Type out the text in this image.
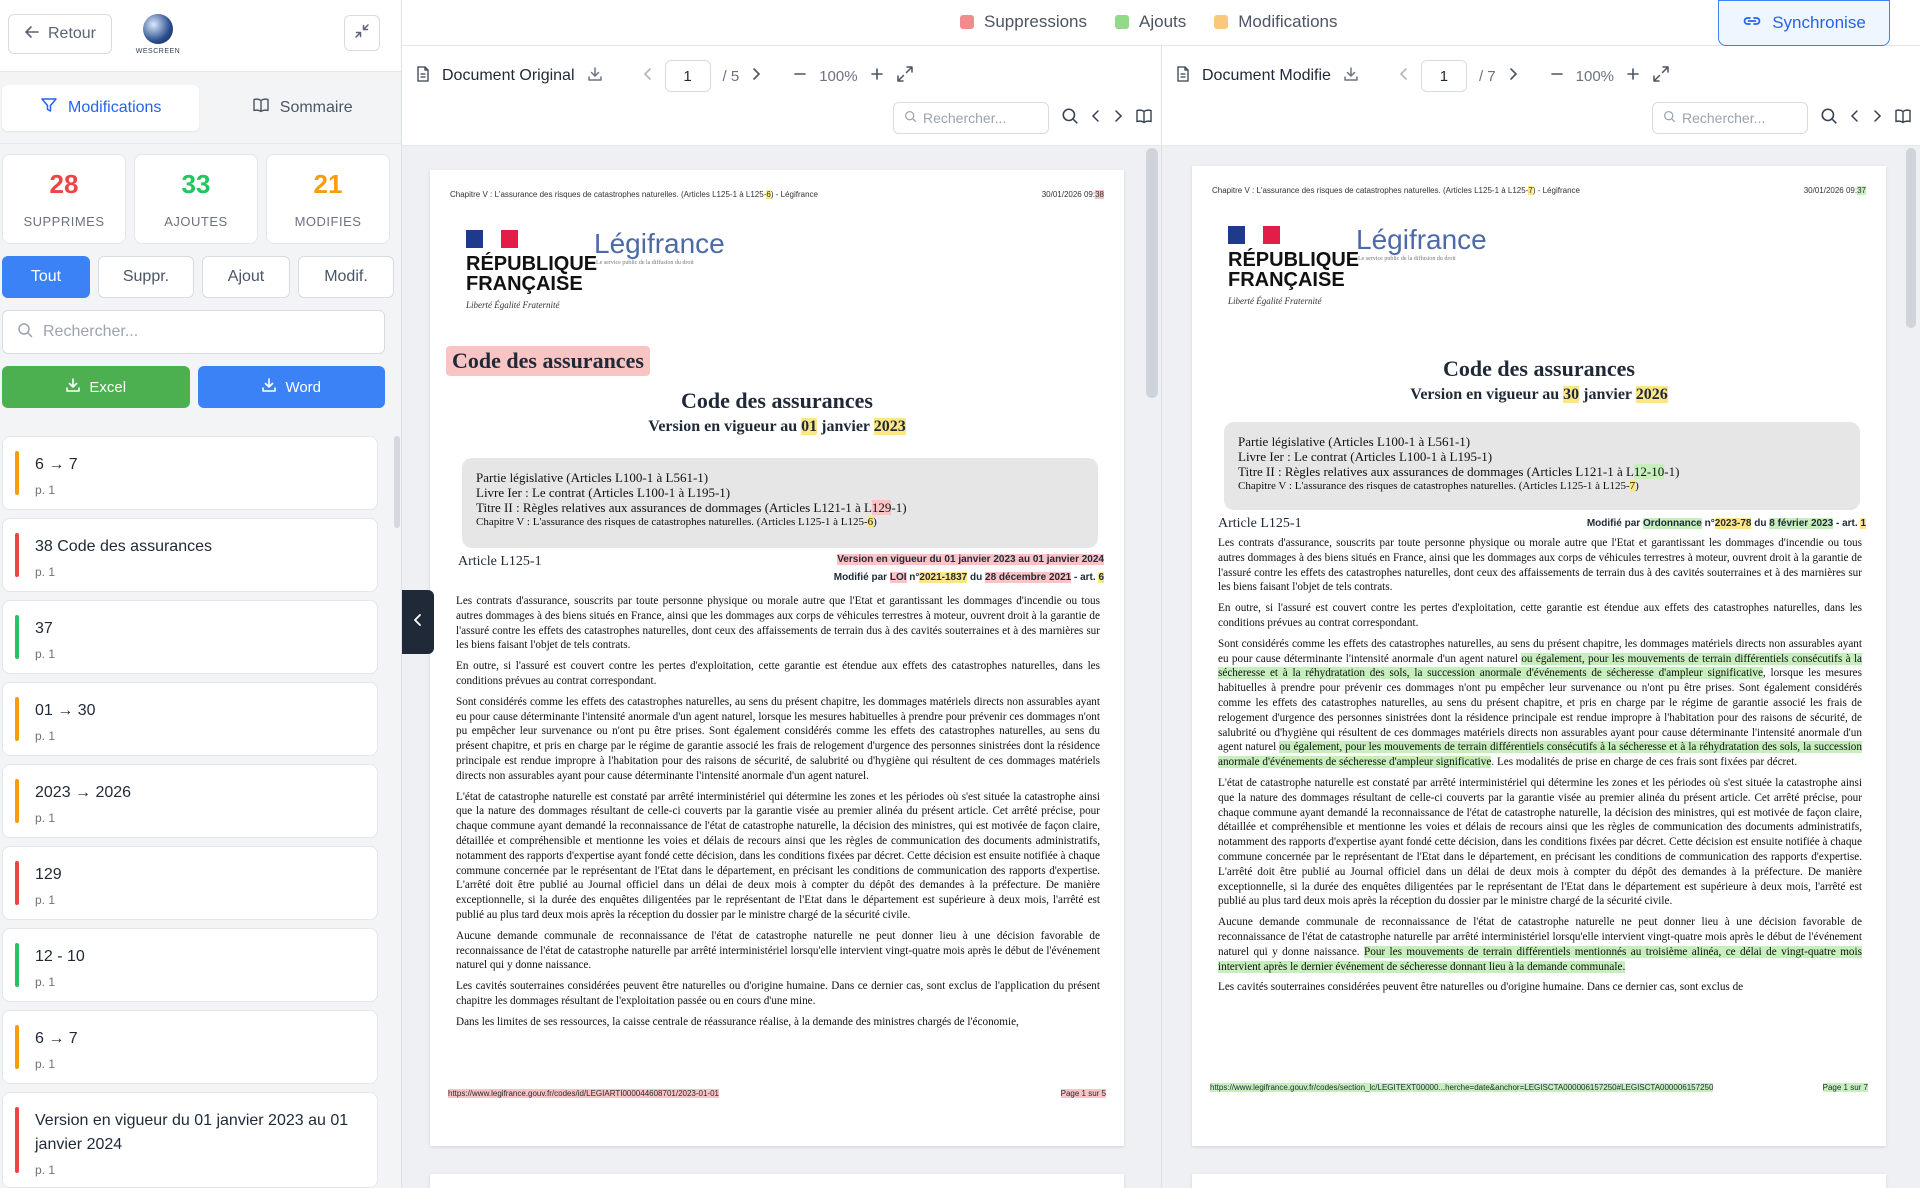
Retour
WESCREEN
Modifications	Sommaire
28
SUPPRIMES
33
AJOUTES
21
MODIFIES
Tout	Suppr.	Ajout	Modif.
Rechercher...
Excel	Word
6 → 7
p. 1
38 Code des assurances
p. 1
37
p. 1
01 → 30
p. 1
2023 → 2026
p. 1
129
p. 1
12 - 10
p. 1
6 → 7
p. 1
Version en vigueur du 01 janvier 2023 au 01 janvier 2024
p. 1
Suppressions	Ajouts	Modifications	Synchronise
Document Original	1	/ 5	100%
Rechercher...
Chapitre V : L'assurance des risques de catastrophes naturelles. (Articles L125-1 à L125-6) - Légifrance	30/01/2026 09:38
RÉPUBLIQUE FRANÇAISE
Liberté Égalité Fraternité
Légifrance
Le service public de la diffusion du droit
Code des assurances
Code des assurances
Version en vigueur au 01 janvier 2023
Partie législative (Articles L100-1 à L561-1)
Livre Ier : Le contrat (Articles L100-1 à L195-1)
Titre II : Règles relatives aux assurances de dommages (Articles L121-1 à L129-1)
Chapitre V : L'assurance des risques de catastrophes naturelles. (Articles L125-1 à L125-6)
Article L125-1	Version en vigueur du 01 janvier 2023 au 01 janvier 2024
Modifié par LOI n°2021-1837 du 28 décembre 2021 - art. 6

Les contrats d'assurance, souscrits par toute personne physique ou morale autre que l'Etat et garantissant les dommages d'incendie ou tous autres dommages à des biens situés en France, ainsi que les dommages aux corps de véhicules terrestres à moteur, ouvrent droit à la garantie de l'assuré contre les effets des catastrophes naturelles, dont ceux des affaissements de terrain dus à des cavités souterraines et à des marnières sur les biens faisant l'objet de tels contrats.

En outre, si l'assuré est couvert contre les pertes d'exploitation, cette garantie est étendue aux effets des catastrophes naturelles, dans les conditions prévues au contrat correspondant.

Sont considérés comme les effets des catastrophes naturelles, au sens du présent chapitre, les dommages matériels directs non assurables ayant eu pour cause déterminante l'intensité anormale d'un agent naturel, lorsque les mesures habituelles à prendre pour prévenir ces dommages n'ont pu empêcher leur survenance ou n'ont pu être prises. Sont également considérés comme les effets des catastrophes naturelles, au sens du présent chapitre, et pris en charge par le régime de garantie associé les frais de relogement d'urgence des personnes sinistrées dont la résidence principale est rendue impropre à l'habitation pour des raisons de sécurité, de salubrité ou d'hygiène qui résultent de ces dommages matériels directs non assurables ayant pour cause déterminante l'intensité anormale d'un agent naturel.

L'état de catastrophe naturelle est constaté par arrêté interministériel qui détermine les zones et les périodes où s'est située la catastrophe ainsi que la nature des dommages résultant de celle-ci couverts par la garantie visée au premier alinéa du présent article. Cet arrêté précise, pour chaque commune ayant demandé la reconnaissance de l'état de catastrophe naturelle, la décision des ministres, qui est motivée de façon claire, détaillée et compréhensible et mentionne les voies et délais de recours ainsi que les règles de communication des documents administratifs, notamment des rapports d'expertise ayant fondé cette décision, dans les conditions fixées par décret. Cette décision est ensuite notifiée à chaque commune concernée par le représentant de l'Etat dans le département, en précisant les conditions de communication des rapports d'expertise. L'arrêté doit être publié au Journal officiel dans un délai de deux mois à compter du dépôt des demandes à la préfecture. De manière exceptionnelle, si la durée des enquêtes diligentées par le représentant de l'Etat dans le département est supérieure à deux mois, l'arrêté est publié au plus tard deux mois après la réception du dossier par le ministre chargé de la sécurité civile.

Aucune demande communale de reconnaissance de l'état de catastrophe naturelle ne peut donner lieu à une décision favorable de reconnaissance de l'état de catastrophe naturelle par arrêté interministériel lorsqu'elle intervient vingt-quatre mois après le début de l'événement naturel qui y donne naissance.

Les cavités souterraines considérées peuvent être naturelles ou d'origine humaine. Dans ce dernier cas, sont exclus de l'application du présent chapitre les dommages résultant de l'exploitation passée ou en cours d'une mine.

Dans les limites de ses ressources, la caisse centrale de réassurance réalise, à la demande des ministres chargés de l'économie,

https://www.legifrance.gouv.fr/codes/id/LEGIARTI000044608701/2023-01-01	Page 1 sur 5
Document Modifie	1	/ 7	100%
Rechercher...
Chapitre V : L'assurance des risques de catastrophes naturelles. (Articles L125-1 à L125-7) - Légifrance	30/01/2026 09:37
RÉPUBLIQUE FRANÇAISE
Liberté Égalité Fraternité
Légifrance
Le service public de la diffusion du droit
Code des assurances
Version en vigueur au 30 janvier 2026
Partie législative (Articles L100-1 à L561-1)
Livre Ier : Le contrat (Articles L100-1 à L195-1)
Titre II : Règles relatives aux assurances de dommages (Articles L121-1 à L12-10-1)
Chapitre V : L'assurance des risques de catastrophes naturelles. (Articles L125-1 à L125-7)
Article L125-1	Modifié par Ordonnance n°2023-78 du 8 février 2023 - art. 1

Les contrats d'assurance, souscrits par toute personne physique ou morale autre que l'Etat et garantissant les dommages d'incendie ou tous autres dommages à des biens situés en France, ainsi que les dommages aux corps de véhicules terrestres à moteur, ouvrent droit à la garantie de l'assuré contre les effets des catastrophes naturelles, dont ceux des affaissements de terrain dus à des cavités souterraines et à des marnières sur les biens faisant l'objet de tels contrats.

En outre, si l'assuré est couvert contre les pertes d'exploitation, cette garantie est étendue aux effets des catastrophes naturelles, dans les conditions prévues au contrat correspondant.

Sont considérés comme les effets des catastrophes naturelles, au sens du présent chapitre, les dommages matériels directs non assurables ayant eu pour cause déterminante l'intensité anormale d'un agent naturel ou également, pour les mouvements de terrain différentiels consécutifs à la sécheresse et à la réhydratation des sols, la succession anormale d'événements de sécheresse d'ampleur significative, lorsque les mesures habituelles à prendre pour prévenir ces dommages n'ont pu empêcher leur survenance ou n'ont pu être prises. Sont également considérés comme les effets des catastrophes naturelles, au sens du présent chapitre, et pris en charge par le régime de garantie associé les frais de relogement d'urgence des personnes sinistrées dont la résidence principale est rendue impropre à l'habitation pour des raisons de sécurité, de salubrité ou d'hygiène qui résultent de ces dommages matériels directs non assurables ayant pour cause déterminante l'intensité anormale d'un agent naturel ou également, pour les mouvements de terrain différentiels consécutifs à la sécheresse et à la réhydratation des sols, la succession anormale d'événements de sécheresse d'ampleur significative. Les modalités de prise en charge de ces frais sont fixées par décret.

L'état de catastrophe naturelle est constaté par arrêté interministériel qui détermine les zones et les périodes où s'est située la catastrophe ainsi que la nature des dommages résultant de celle-ci couverts par la garantie visée au premier alinéa du présent article. Cet arrêté précise, pour chaque commune ayant demandé la reconnaissance de l'état de catastrophe naturelle, la décision des ministres, qui est motivée de façon claire, détaillée et compréhensible et mentionne les voies et délais de recours ainsi que les règles de communication des documents administratifs, notamment des rapports d'expertise ayant fondé cette décision, dans les conditions fixées par décret. Cette décision est ensuite notifiée à chaque commune concernée par le représentant de l'Etat dans le département, en précisant les conditions de communication des rapports d'expertise. L'arrêté doit être publié au Journal officiel dans un délai de deux mois à compter du dépôt des demandes à la préfecture. De manière exceptionnelle, si la durée des enquêtes diligentées par le représentant de l'Etat dans le département est supérieure à deux mois, l'arrêté est publié au plus tard deux mois après la réception du dossier par le ministre chargé de la sécurité civile.

Aucune demande communale de reconnaissance de l'état de catastrophe naturelle ne peut donner lieu à une décision favorable de reconnaissance de l'état de catastrophe naturelle par arrêté interministériel lorsqu'elle intervient vingt-quatre mois après le début de l'événement naturel qui y donne naissance. Pour les mouvements de terrain différentiels mentionnés au troisième alinéa, ce délai de vingt-quatre mois intervient après le dernier événement de sécheresse donnant lieu à la demande communale.

Les cavités souterraines considérées peuvent être naturelles ou d'origine humaine. Dans ce dernier cas, sont exclus de

https://www.legifrance.gouv.fr/codes/section_lc/LEGITEXT00000...herche=date&anchor=LEGISCTA000006157250#LEGISCTA000006157250	Page 1 sur 7
